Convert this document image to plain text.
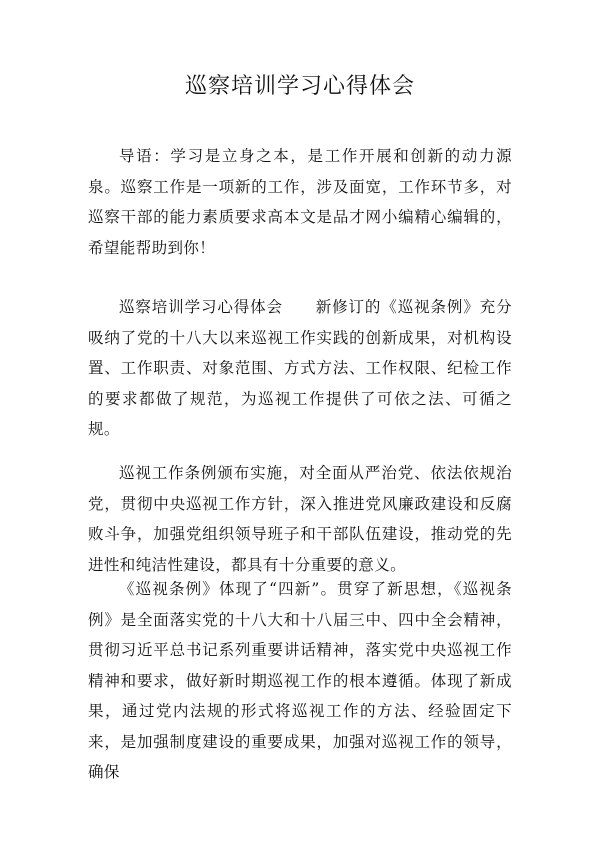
巡察培训学习心得体会

导语：学习是立身之本，是工作开展和创新的动力源泉。巡察工作是一项新的工作，涉及面宽，工作环节多，对巡察干部的能力素质要求高本文是品才网小编精心编辑的，希望能帮助到你！

巡察培训学习心得体会　　新修订的《巡视条例》充分吸纳了党的十八大以来巡视工作实践的创新成果，对机构设置、工作职责、对象范围、方式方法、工作权限、纪检工作的要求都做了规范，为巡视工作提供了可依之法、可循之规。

巡视工作条例颁布实施，对全面从严治党、依法依规治党，贯彻中央巡视工作方针，深入推进党风廉政建设和反腐败斗争，加强党组织领导班子和干部队伍建设，推动党的先进性和纯洁性建设，都具有十分重要的意义。

《巡视条例》体现了“四新”。贯穿了新思想，《巡视条例》是全面落实党的十八大和十八届三中、四中全会精神，贯彻习近平总书记系列重要讲话精神，落实党中央巡视工作精神和要求，做好新时期巡视工作的根本遵循。体现了新成果，通过党内法规的形式将巡视工作的方法、经验固定下来，是加强制度建设的重要成果，加强对巡视工作的领导，确保
